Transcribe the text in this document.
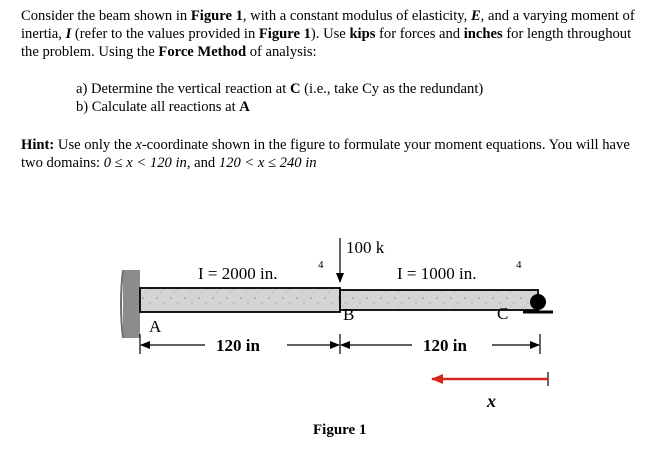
Consider the beam shown in Figure 1, with a constant modulus of elasticity, E, and a varying moment of inertia, I (refer to the values provided in Figure 1). Use kips for forces and inches for length throughout the problem. Using the Force Method of analysis:

a) Determine the vertical reaction at C (i.e., take Cy as the redundant)

b) Calculate all reactions at A

Hint: Use only the x-coordinate shown in the figure to formulate your moment equations. You will have two domains: 0 ≤ x < 120 in, and 120 < x ≤ 240 in

100 k
I = 2000 in.	4	I = 1000 in.	4
A
B	C
120 in	120 in
x
Figure 1
